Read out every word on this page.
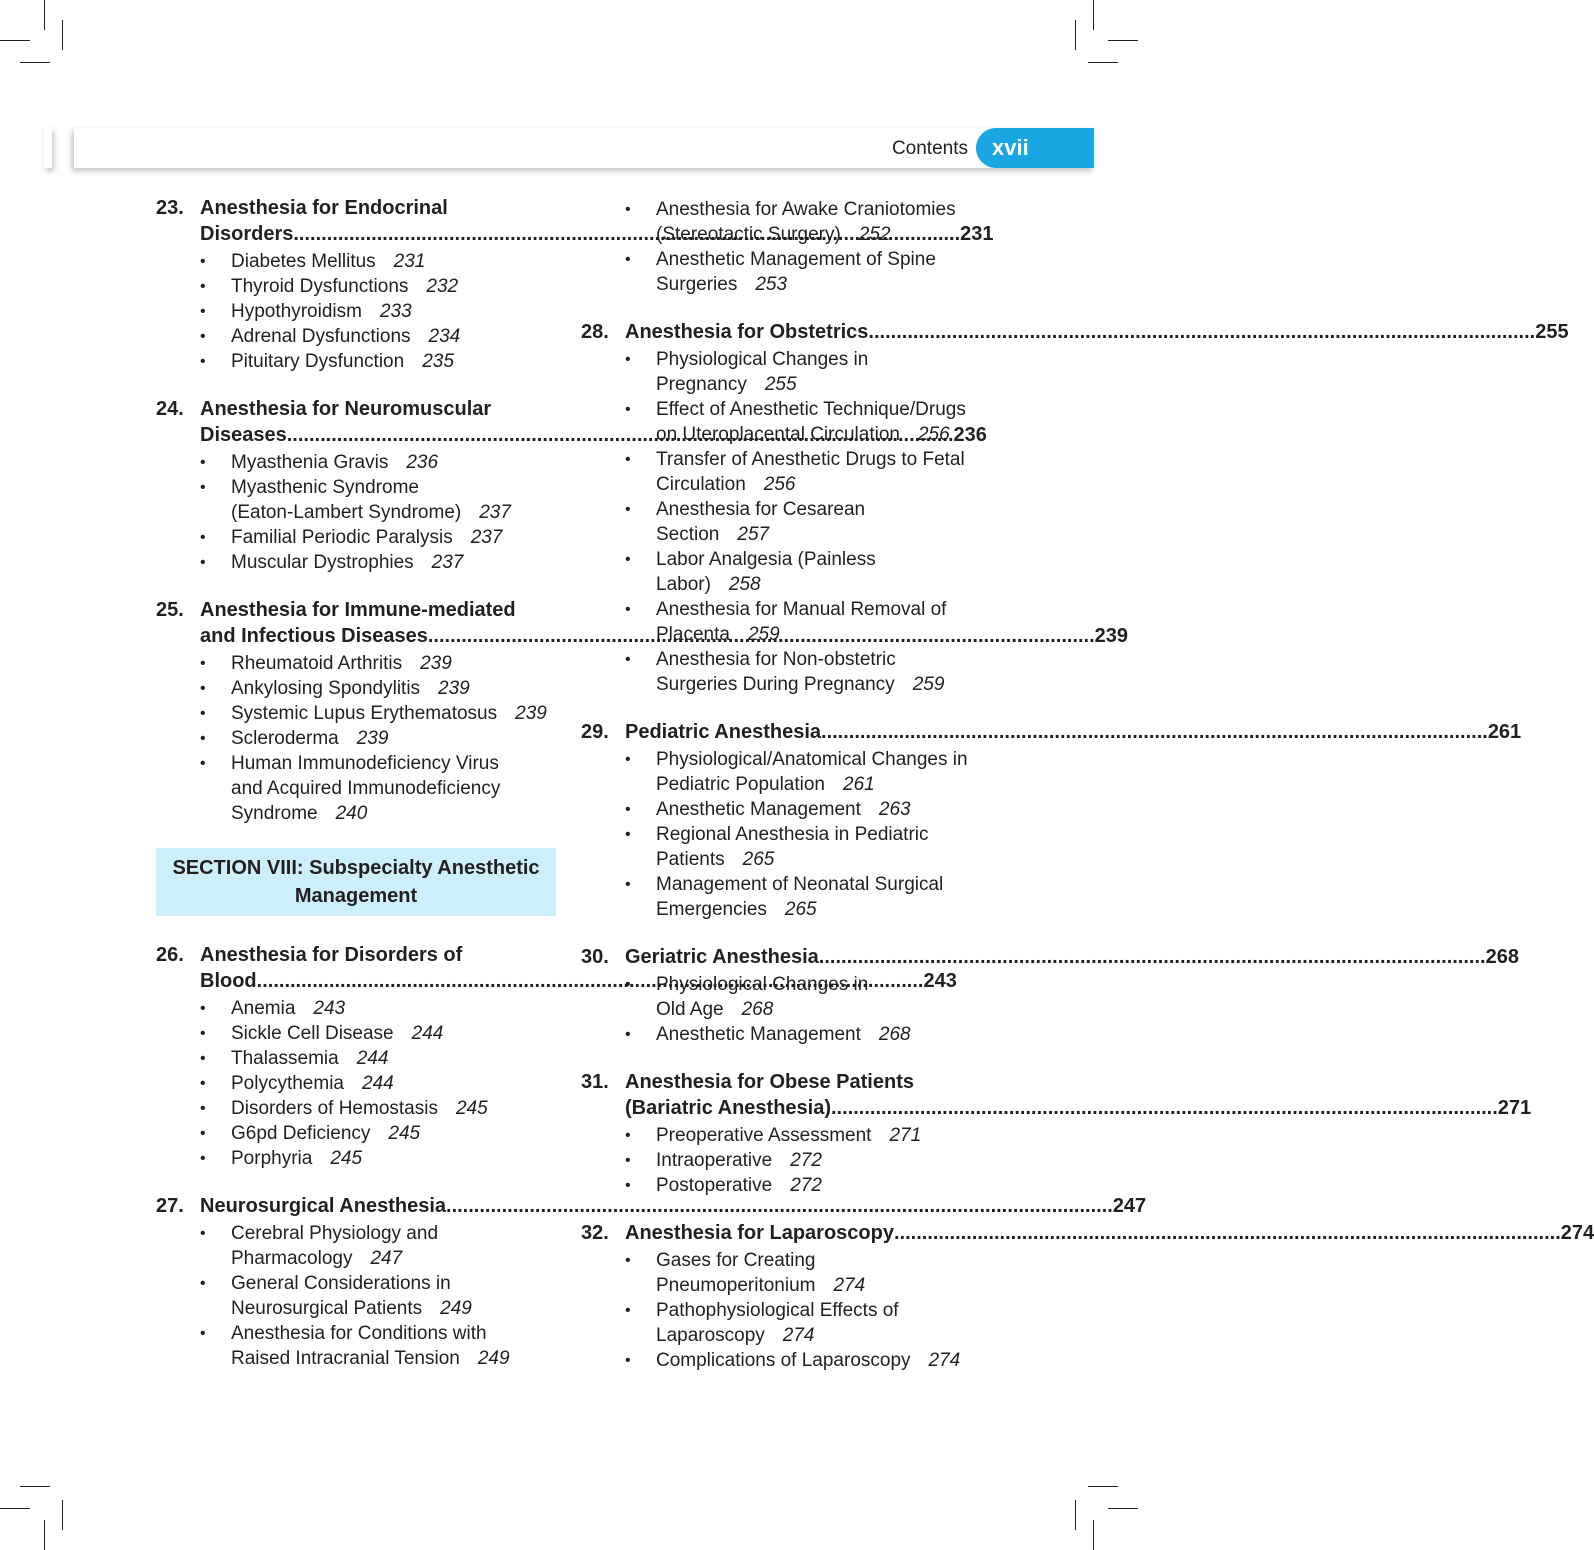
Contents xvii
23. Anesthesia for Endocrinal
Disorders .....	231
• Diabetes Mellitus 231
• Thyroid Dysfunctions 232
• Hypothyroidism 233
• Adrenal Dysfunctions 234
• Pituitary Dysfunction 235
24. Anesthesia for Neuromuscular
Diseases .....	236
• Myasthenia Gravis 236
• Myasthenic Syndrome
(Eaton-Lambert Syndrome) 237
• Familial Periodic Paralysis 237
• Muscular Dystrophies 237
25. Anesthesia for Immune-mediated
and Infectious Diseases .....	239
• Rheumatoid Arthritis 239
• Ankylosing Spondylitis 239
• Systemic Lupus Erythematosus 239
• Scleroderma 239
• Human Immunodeficiency Virus
and Acquired Immunodeficiency
Syndrome 240
SECTION VIII: Subspecialty Anesthetic Management
26. Anesthesia for Disorders of
Blood .....	243
• Anemia 243
• Sickle Cell Disease 244
• Thalassemia 244
• Polycythemia 244
• Disorders of Hemostasis 245
• G6pd Deficiency 245
• Porphyria 245
27. Neurosurgical Anesthesia .....	247
• Cerebral Physiology and
Pharmacology 247
• General Considerations in
Neurosurgical Patients 249
• Anesthesia for Conditions with
Raised Intracranial Tension 249
• Anesthesia for Awake Craniotomies
(Stereotactic Surgery) 252
• Anesthetic Management of Spine
Surgeries 253
28. Anesthesia for Obstetrics .....	255
• Physiological Changes in
Pregnancy 255
• Effect of Anesthetic Technique/Drugs
on Uteroplacental Circulation 256
• Transfer of Anesthetic Drugs to Fetal
Circulation 256
• Anesthesia for Cesarean
Section 257
• Labor Analgesia (Painless
Labor) 258
• Anesthesia for Manual Removal of
Placenta 259
• Anesthesia for Non-obstetric
Surgeries During Pregnancy 259
29. Pediatric Anesthesia .....	261
• Physiological/Anatomical Changes in
Pediatric Population 261
• Anesthetic Management 263
• Regional Anesthesia in Pediatric
Patients 265
• Management of Neonatal Surgical
Emergencies 265
30. Geriatric Anesthesia .....	268
• Physiological Changes in
Old Age 268
• Anesthetic Management 268
31. Anesthesia for Obese Patients
(Bariatric Anesthesia) .....	271
• Preoperative Assessment 271
• Intraoperative 272
• Postoperative 272
32. Anesthesia for Laparoscopy .....	274
• Gases for Creating
Pneumoperitonium 274
• Pathophysiological Effects of
Laparoscopy 274
• Complications of Laparoscopy 274
